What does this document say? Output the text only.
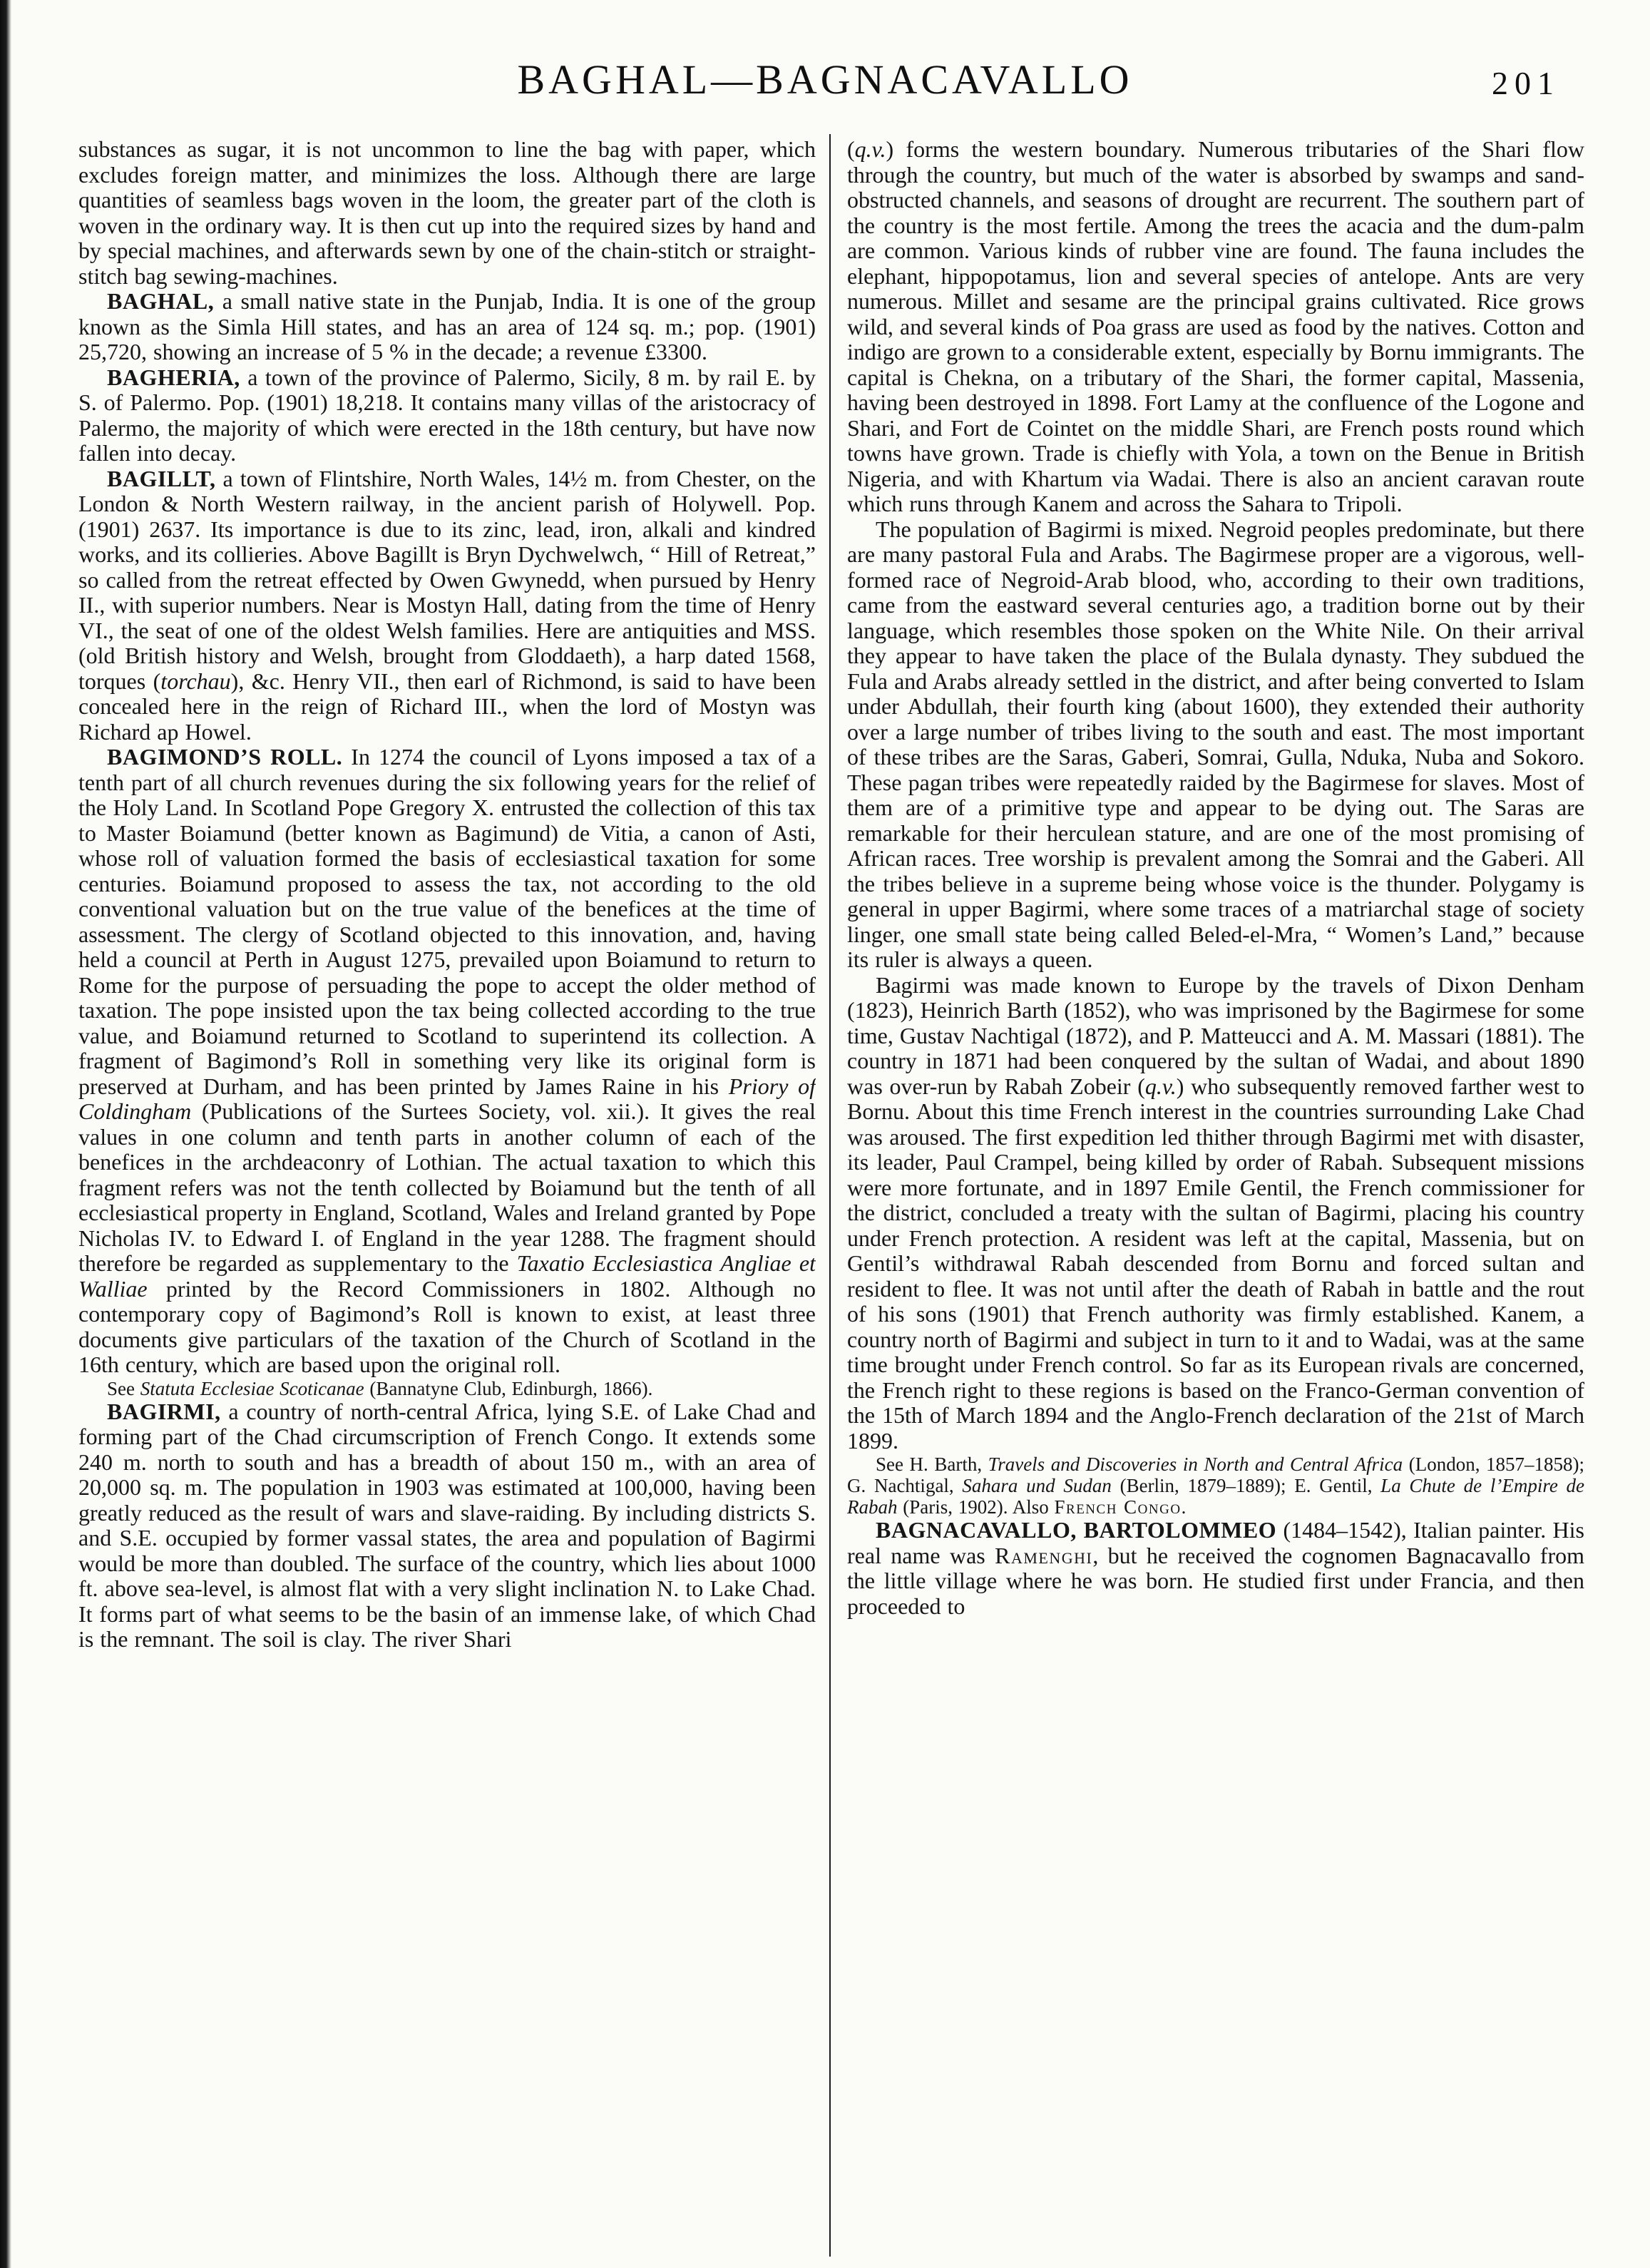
BAGHAL—BAGNACAVALLO	201

substances as sugar, it is not uncommon to line the bag with paper, which excludes foreign matter, and minimizes the loss. Although there are large quantities of seamless bags woven in the loom, the greater part of the cloth is woven in the ordinary way. It is then cut up into the required sizes by hand and by special machines, and afterwards sewn by one of the chain-stitch or straight-stitch bag sewing-machines.

BAGHAL, a small native state in the Punjab, India. It is one of the group known as the Simla Hill states, and has an area of 124 sq. m.; pop. (1901) 25,720, showing an increase of 5 % in the decade; a revenue £3300.

BAGHERIA, a town of the province of Palermo, Sicily, 8 m. by rail E. by S. of Palermo. Pop. (1901) 18,218. It contains many villas of the aristocracy of Palermo, the majority of which were erected in the 18th century, but have now fallen into decay.

BAGILLT, a town of Flintshire, North Wales, 14½ m. from Chester, on the London & North Western railway, in the ancient parish of Holywell. Pop. (1901) 2637. Its importance is due to its zinc, lead, iron, alkali and kindred works, and its collieries. Above Bagillt is Bryn Dychwelwch, “ Hill of Retreat,” so called from the retreat effected by Owen Gwynedd, when pursued by Henry II., with superior numbers. Near is Mostyn Hall, dating from the time of Henry VI., the seat of one of the oldest Welsh families. Here are antiquities and MSS. (old British history and Welsh, brought from Gloddaeth), a harp dated 1568, torques (torchau), &c. Henry VII., then earl of Richmond, is said to have been concealed here in the reign of Richard III., when the lord of Mostyn was Richard ap Howel.

BAGIMOND’S ROLL. In 1274 the council of Lyons imposed a tax of a tenth part of all church revenues during the six following years for the relief of the Holy Land. In Scotland Pope Gregory X. entrusted the collection of this tax to Master Boiamund (better known as Bagimund) de Vitia, a canon of Asti, whose roll of valuation formed the basis of ecclesiastical taxation for some centuries. Boiamund proposed to assess the tax, not according to the old conventional valuation but on the true value of the benefices at the time of assessment. The clergy of Scotland objected to this innovation, and, having held a council at Perth in August 1275, prevailed upon Boiamund to return to Rome for the purpose of persuading the pope to accept the older method of taxation. The pope insisted upon the tax being collected according to the true value, and Boiamund returned to Scotland to superintend its collection. A fragment of Bagimond’s Roll in something very like its original form is preserved at Durham, and has been printed by James Raine in his Priory of Coldingham (Publications of the Surtees Society, vol. xii.). It gives the real values in one column and tenth parts in another column of each of the benefices in the archdeaconry of Lothian. The actual taxation to which this fragment refers was not the tenth collected by Boiamund but the tenth of all ecclesiastical property in England, Scotland, Wales and Ireland granted by Pope Nicholas IV. to Edward I. of England in the year 1288. The fragment should therefore be regarded as supplementary to the Taxatio Ecclesiastica Angliae et Walliae printed by the Record Commissioners in 1802. Although no contemporary copy of Bagimond’s Roll is known to exist, at least three documents give particulars of the taxation of the Church of Scotland in the 16th century, which are based upon the original roll.

See Statuta Ecclesiae Scoticanae (Bannatyne Club, Edinburgh, 1866).

BAGIRMI, a country of north-central Africa, lying S.E. of Lake Chad and forming part of the Chad circumscription of French Congo. It extends some 240 m. north to south and has a breadth of about 150 m., with an area of 20,000 sq. m. The population in 1903 was estimated at 100,000, having been greatly reduced as the result of wars and slave-raiding. By including districts S. and S.E. occupied by former vassal states, the area and population of Bagirmi would be more than doubled. The surface of the country, which lies about 1000 ft. above sea-level, is almost flat with a very slight inclination N. to Lake Chad. It forms part of what seems to be the basin of an immense lake, of which Chad is the remnant. The soil is clay. The river Shari

(q.v.) forms the western boundary. Numerous tributaries of the Shari flow through the country, but much of the water is absorbed by swamps and sand-obstructed channels, and seasons of drought are recurrent. The southern part of the country is the most fertile. Among the trees the acacia and the dum-palm are common. Various kinds of rubber vine are found. The fauna includes the elephant, hippopotamus, lion and several species of antelope. Ants are very numerous. Millet and sesame are the principal grains cultivated. Rice grows wild, and several kinds of Poa grass are used as food by the natives. Cotton and indigo are grown to a considerable extent, especially by Bornu immigrants. The capital is Chekna, on a tributary of the Shari, the former capital, Massenia, having been destroyed in 1898. Fort Lamy at the confluence of the Logone and Shari, and Fort de Cointet on the middle Shari, are French posts round which towns have grown. Trade is chiefly with Yola, a town on the Benue in British Nigeria, and with Khartum via Wadai. There is also an ancient caravan route which runs through Kanem and across the Sahara to Tripoli.

The population of Bagirmi is mixed. Negroid peoples predominate, but there are many pastoral Fula and Arabs. The Bagirmese proper are a vigorous, well-formed race of Negroid-Arab blood, who, according to their own traditions, came from the eastward several centuries ago, a tradition borne out by their language, which resembles those spoken on the White Nile. On their arrival they appear to have taken the place of the Bulala dynasty. They subdued the Fula and Arabs already settled in the district, and after being converted to Islam under Abdullah, their fourth king (about 1600), they extended their authority over a large number of tribes living to the south and east. The most important of these tribes are the Saras, Gaberi, Somrai, Gulla, Nduka, Nuba and Sokoro. These pagan tribes were repeatedly raided by the Bagirmese for slaves. Most of them are of a primitive type and appear to be dying out. The Saras are remarkable for their herculean stature, and are one of the most promising of African races. Tree worship is prevalent among the Somrai and the Gaberi. All the tribes believe in a supreme being whose voice is the thunder. Polygamy is general in upper Bagirmi, where some traces of a matriarchal stage of society linger, one small state being called Beled-el-Mra, “ Women’s Land,” because its ruler is always a queen.

Bagirmi was made known to Europe by the travels of Dixon Denham (1823), Heinrich Barth (1852), who was imprisoned by the Bagirmese for some time, Gustav Nachtigal (1872), and P. Matteucci and A. M. Massari (1881). The country in 1871 had been conquered by the sultan of Wadai, and about 1890 was over-run by Rabah Zobeir (q.v.) who subsequently removed farther west to Bornu. About this time French interest in the countries surrounding Lake Chad was aroused. The first expedition led thither through Bagirmi met with disaster, its leader, Paul Crampel, being killed by order of Rabah. Subsequent missions were more fortunate, and in 1897 Emile Gentil, the French commissioner for the district, concluded a treaty with the sultan of Bagirmi, placing his country under French protection. A resident was left at the capital, Massenia, but on Gentil’s withdrawal Rabah descended from Bornu and forced sultan and resident to flee. It was not until after the death of Rabah in battle and the rout of his sons (1901) that French authority was firmly established. Kanem, a country north of Bagirmi and subject in turn to it and to Wadai, was at the same time brought under French control. So far as its European rivals are concerned, the French right to these regions is based on the Franco-German convention of the 15th of March 1894 and the Anglo-French declaration of the 21st of March 1899.

See H. Barth, Travels and Discoveries in North and Central Africa (London, 1857–1858); G. Nachtigal, Sahara und Sudan (Berlin, 1879–1889); E. Gentil, La Chute de l’Empire de Rabah (Paris, 1902). Also French Congo.

BAGNACAVALLO, BARTOLOMMEO (1484–1542), Italian painter. His real name was Ramenghi, but he received the cognomen Bagnacavallo from the little village where he was born. He studied first under Francia, and then proceeded to
